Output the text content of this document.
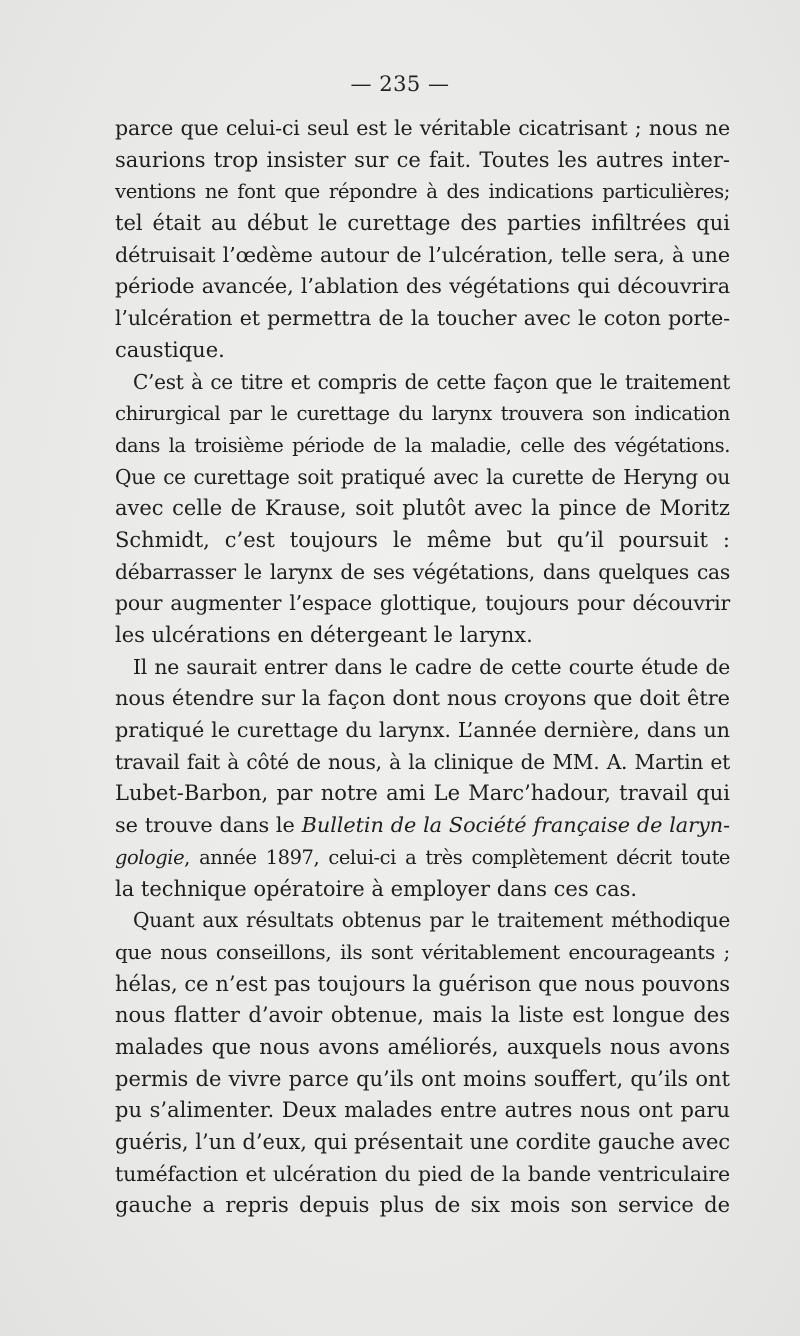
— 235 —
parce que celui-ci seul est le véritable cicatrisant ; nous ne
saurions trop insister sur ce fait. Toutes les autres inter-
ventions ne font que répondre à des indications particulières;
tel était au début le curettage des parties infiltrées qui
détruisait l’œdème autour de l’ulcération, telle sera, à une
période avancée, l’ablation des végétations qui découvrira
l’ulcération et permettra de la toucher avec le coton porte-
caustique.
C’est à ce titre et compris de cette façon que le traitement
chirurgical par le curettage du larynx trouvera son indication
dans la troisième période de la maladie, celle des végétations.
Que ce curettage soit pratiqué avec la curette de Heryng ou
avec celle de Krause, soit plutôt avec la pince de Moritz
Schmidt, c’est toujours le même but qu’il poursuit :
débarrasser le larynx de ses végétations, dans quelques cas
pour augmenter l’espace glottique, toujours pour découvrir
les ulcérations en détergeant le larynx.
Il ne saurait entrer dans le cadre de cette courte étude de
nous étendre sur la façon dont nous croyons que doit être
pratiqué le curettage du larynx. L’année dernière, dans un
travail fait à côté de nous, à la clinique de MM. A. Martin et
Lubet-Barbon, par notre ami Le Marc’hadour, travail qui
se trouve dans le Bulletin de la Société française de laryn-
gologie, année 1897, celui-ci a très complètement décrit toute
la technique opératoire à employer dans ces cas.
Quant aux résultats obtenus par le traitement méthodique
que nous conseillons, ils sont véritablement encourageants ;
hélas, ce n’est pas toujours la guérison que nous pouvons
nous flatter d’avoir obtenue, mais la liste est longue des
malades que nous avons améliorés, auxquels nous avons
permis de vivre parce qu’ils ont moins souffert, qu’ils ont
pu s’alimenter. Deux malades entre autres nous ont paru
guéris, l’un d’eux, qui présentait une cordite gauche avec
tuméfaction et ulcération du pied de la bande ventriculaire
gauche a repris depuis plus de six mois son service de
